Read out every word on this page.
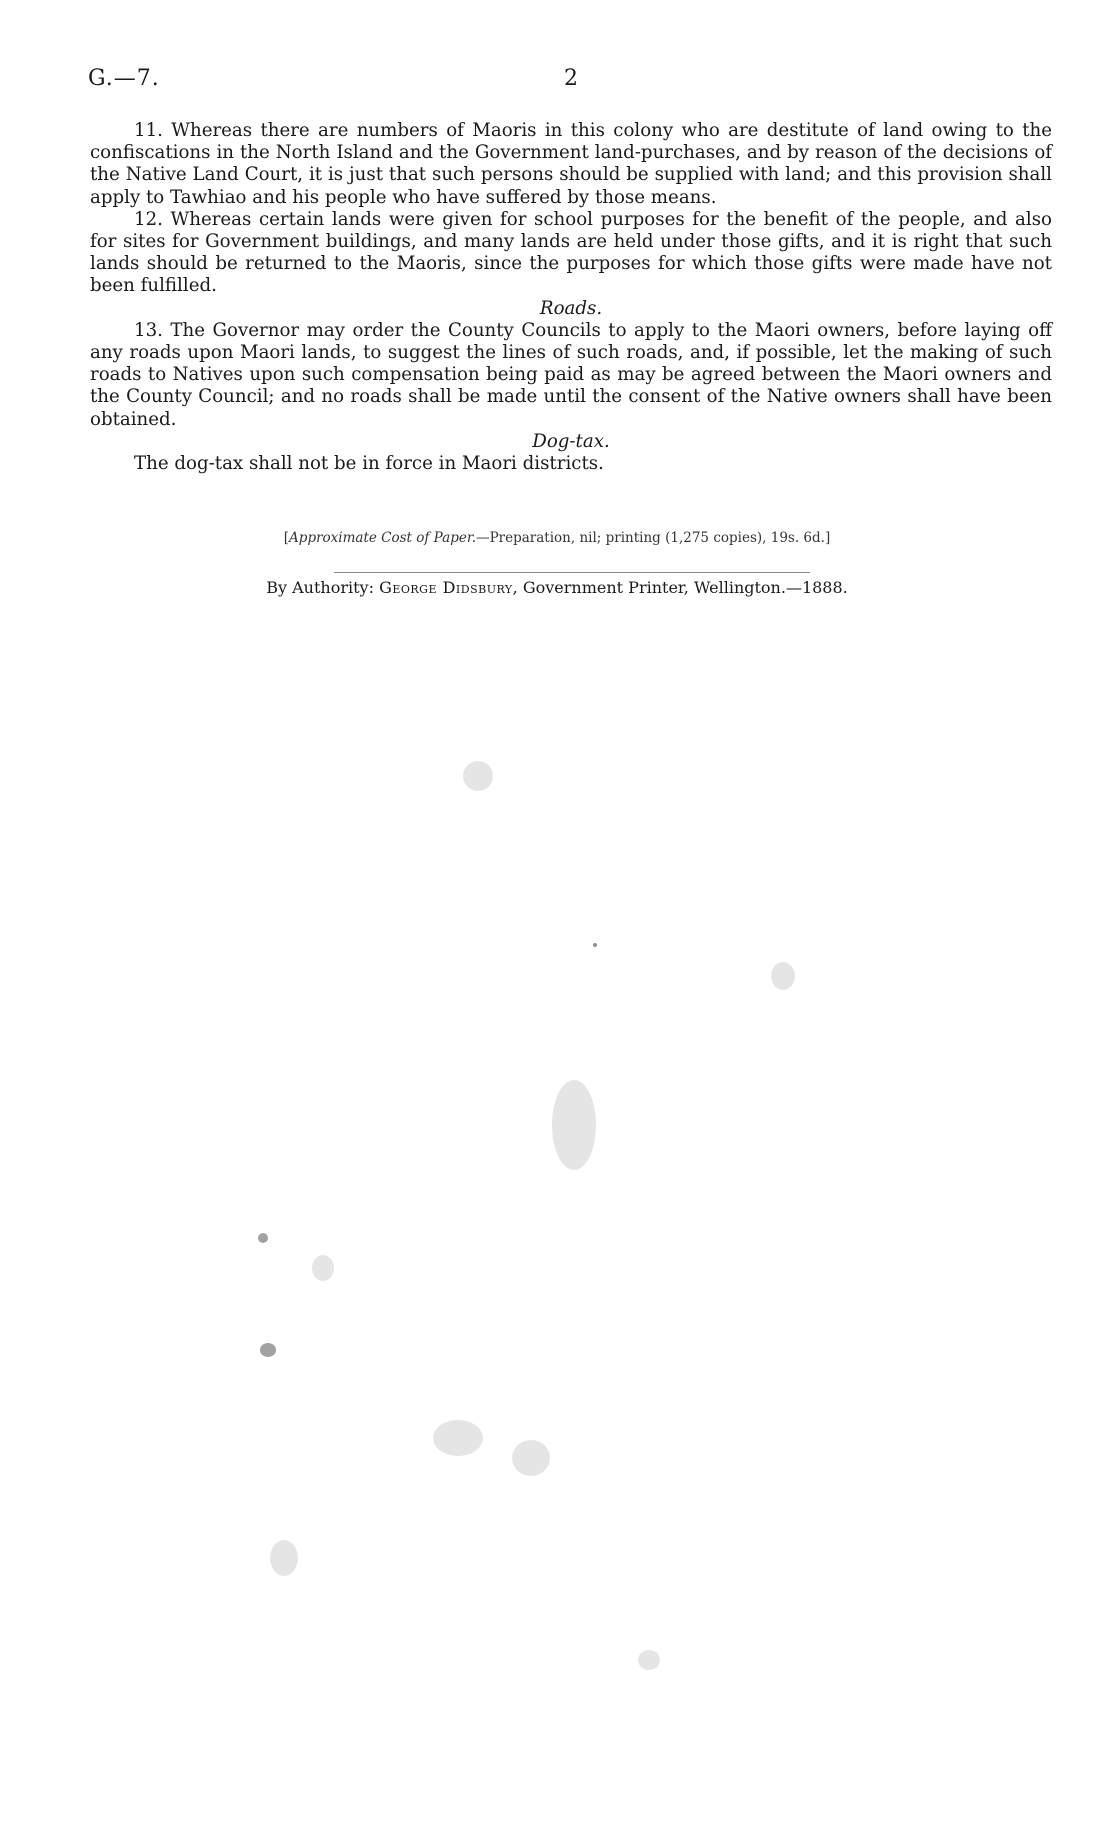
G.—7.	2

11. Whereas there are numbers of Maoris in this colony who are destitute of land owing to the confiscations in the North Island and the Government land-purchases, and by reason of the decisions of the Native Land Court, it is just that such persons should be supplied with land; and this provision shall apply to Tawhiao and his people who have suffered by those means.

12. Whereas certain lands were given for school purposes for the benefit of the people, and also for sites for Government buildings, and many lands are held under those gifts, and it is right that such lands should be returned to the Maoris, since the purposes for which those gifts were made have not been fulfilled.

Roads.

13. The Governor may order the County Councils to apply to the Maori owners, before laying off any roads upon Maori lands, to suggest the lines of such roads, and, if possible, let the making of such roads to Natives upon such compensation being paid as may be agreed between the Maori owners and the County Council; and no roads shall be made until the consent of the Native owners shall have been obtained.

Dog-tax.

The dog-tax shall not be in force in Maori districts.

[Approximate Cost of Paper.—Preparation, nil; printing (1,275 copies), 19s. 6d.]
By Authority: George Didsbury, Government Printer, Wellington.—1888.
